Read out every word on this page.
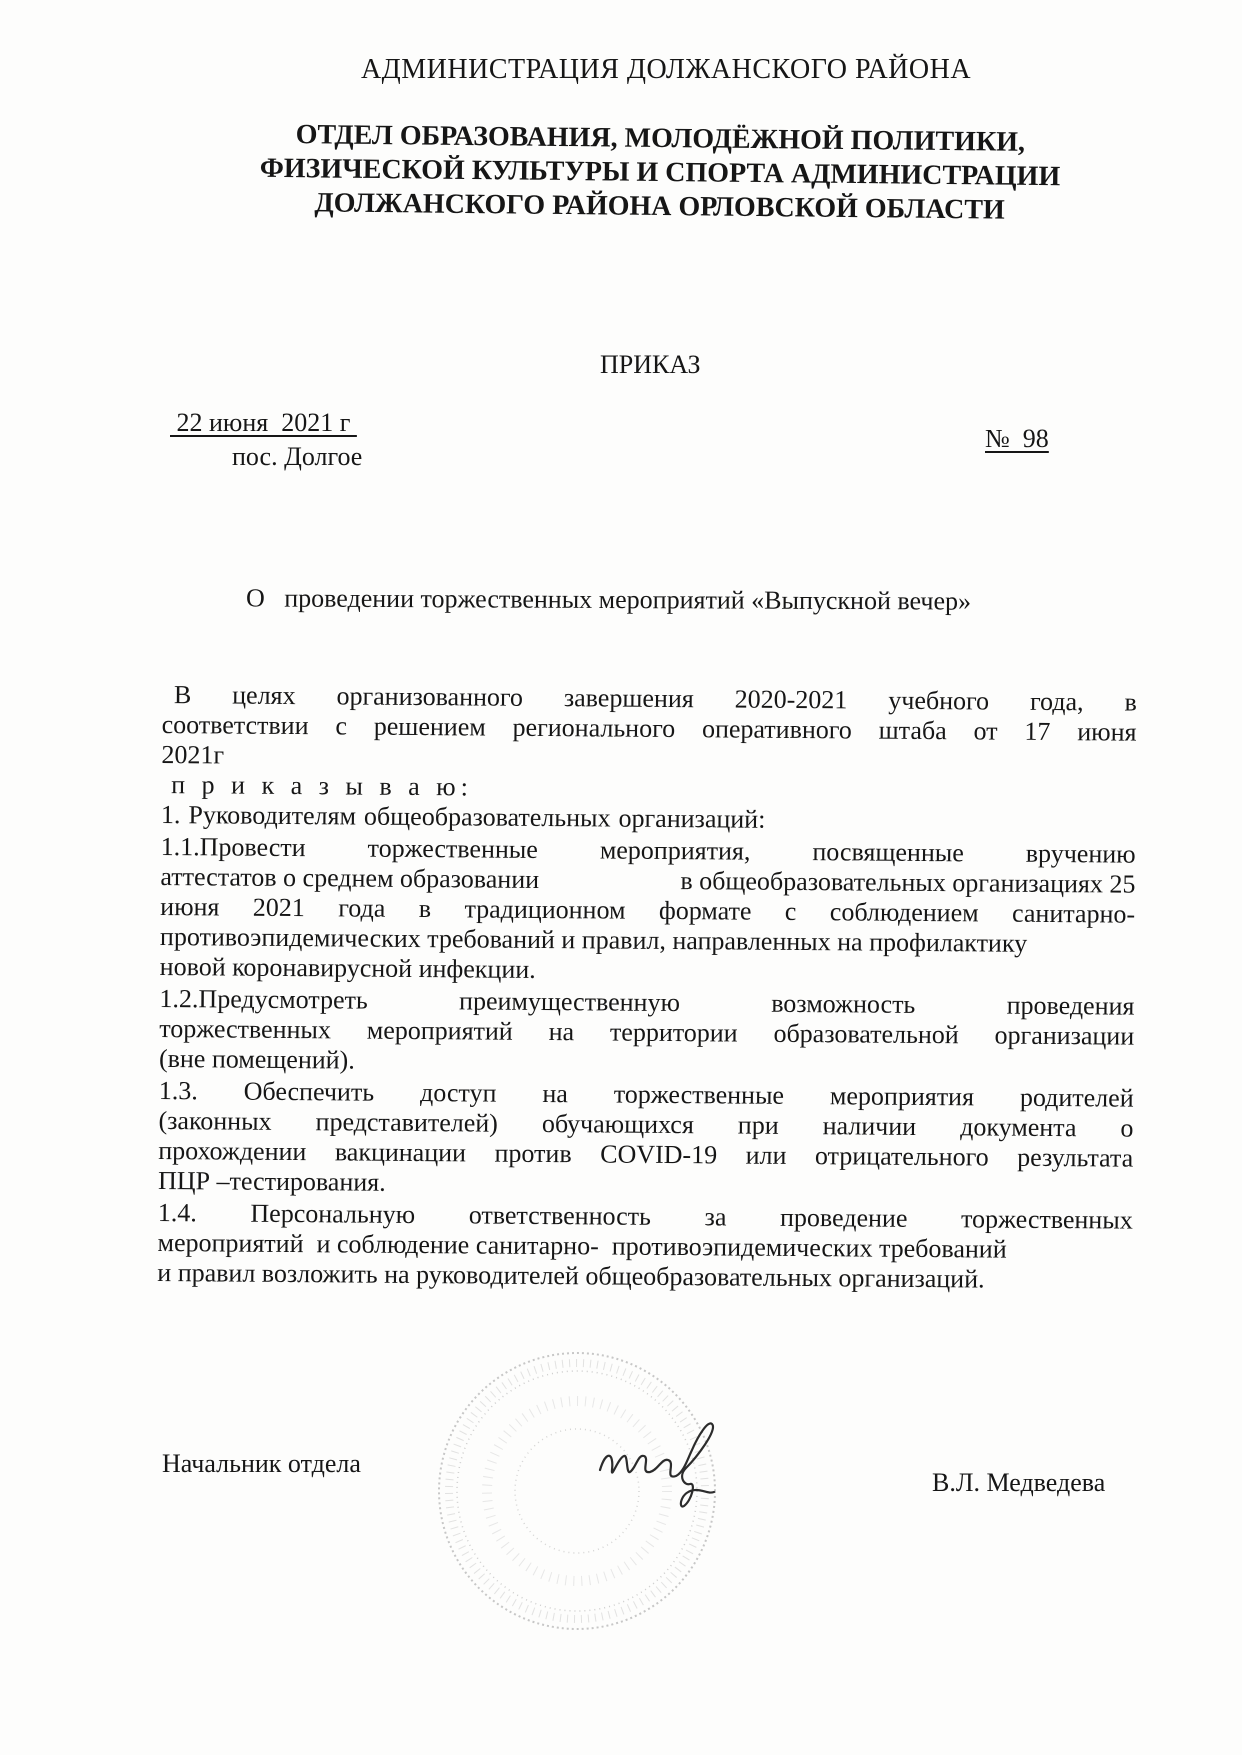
АДМИНИСТРАЦИЯ ДОЛЖАНСКОГО РАЙОНА
ОТДЕЛ ОБРАЗОВАНИЯ, МОЛОДЁЖНОЙ ПОЛИТИКИ,
ФИЗИЧЕСКОЙ КУЛЬТУРЫ И СПОРТА АДМИНИСТРАЦИИ
ДОЛЖАНСКОГО РАЙОНА ОРЛОВСКОЙ ОБЛАСТИ
ПРИКАЗ
22 июня  2021 г
пос. Долгое
№  98
О   проведении торжественных мероприятий «Выпускной вечер»
В целях организованного завершения 2020-2021 учебного года, в
соответствии с решением регионального оперативного штаба от 17 июня
2021г
п р и к а з ы в а ю:
1. Руководителям общеобразовательных организаций:
1.1.Провести торжественные мероприятия, посвященные вручению
аттестатов о среднем образовании	в общеобразовательных организациях 25
июня 2021 года в традиционном формате с соблюдением санитарно-
противоэпидемических требований и правил, направленных на профилактику
новой коронавирусной инфекции.
1.2.Предусмотреть	преимущественную	возможность	проведения
торжественных мероприятий на территории образовательной организации
(вне помещений).
1.3. Обеспечить доступ на торжественные мероприятия родителей
(законных представителей) обучающихся при наличии документа о
прохождении вакцинации против COVID-19 или отрицательного результата
ПЦР –тестирования.
1.4. Персональную ответственность за проведение торжественных
мероприятий  и соблюдение санитарно-  противоэпидемических требований
и правил возложить на руководителей общеобразовательных организаций.
Начальник отдела
В.Л. Медведева
